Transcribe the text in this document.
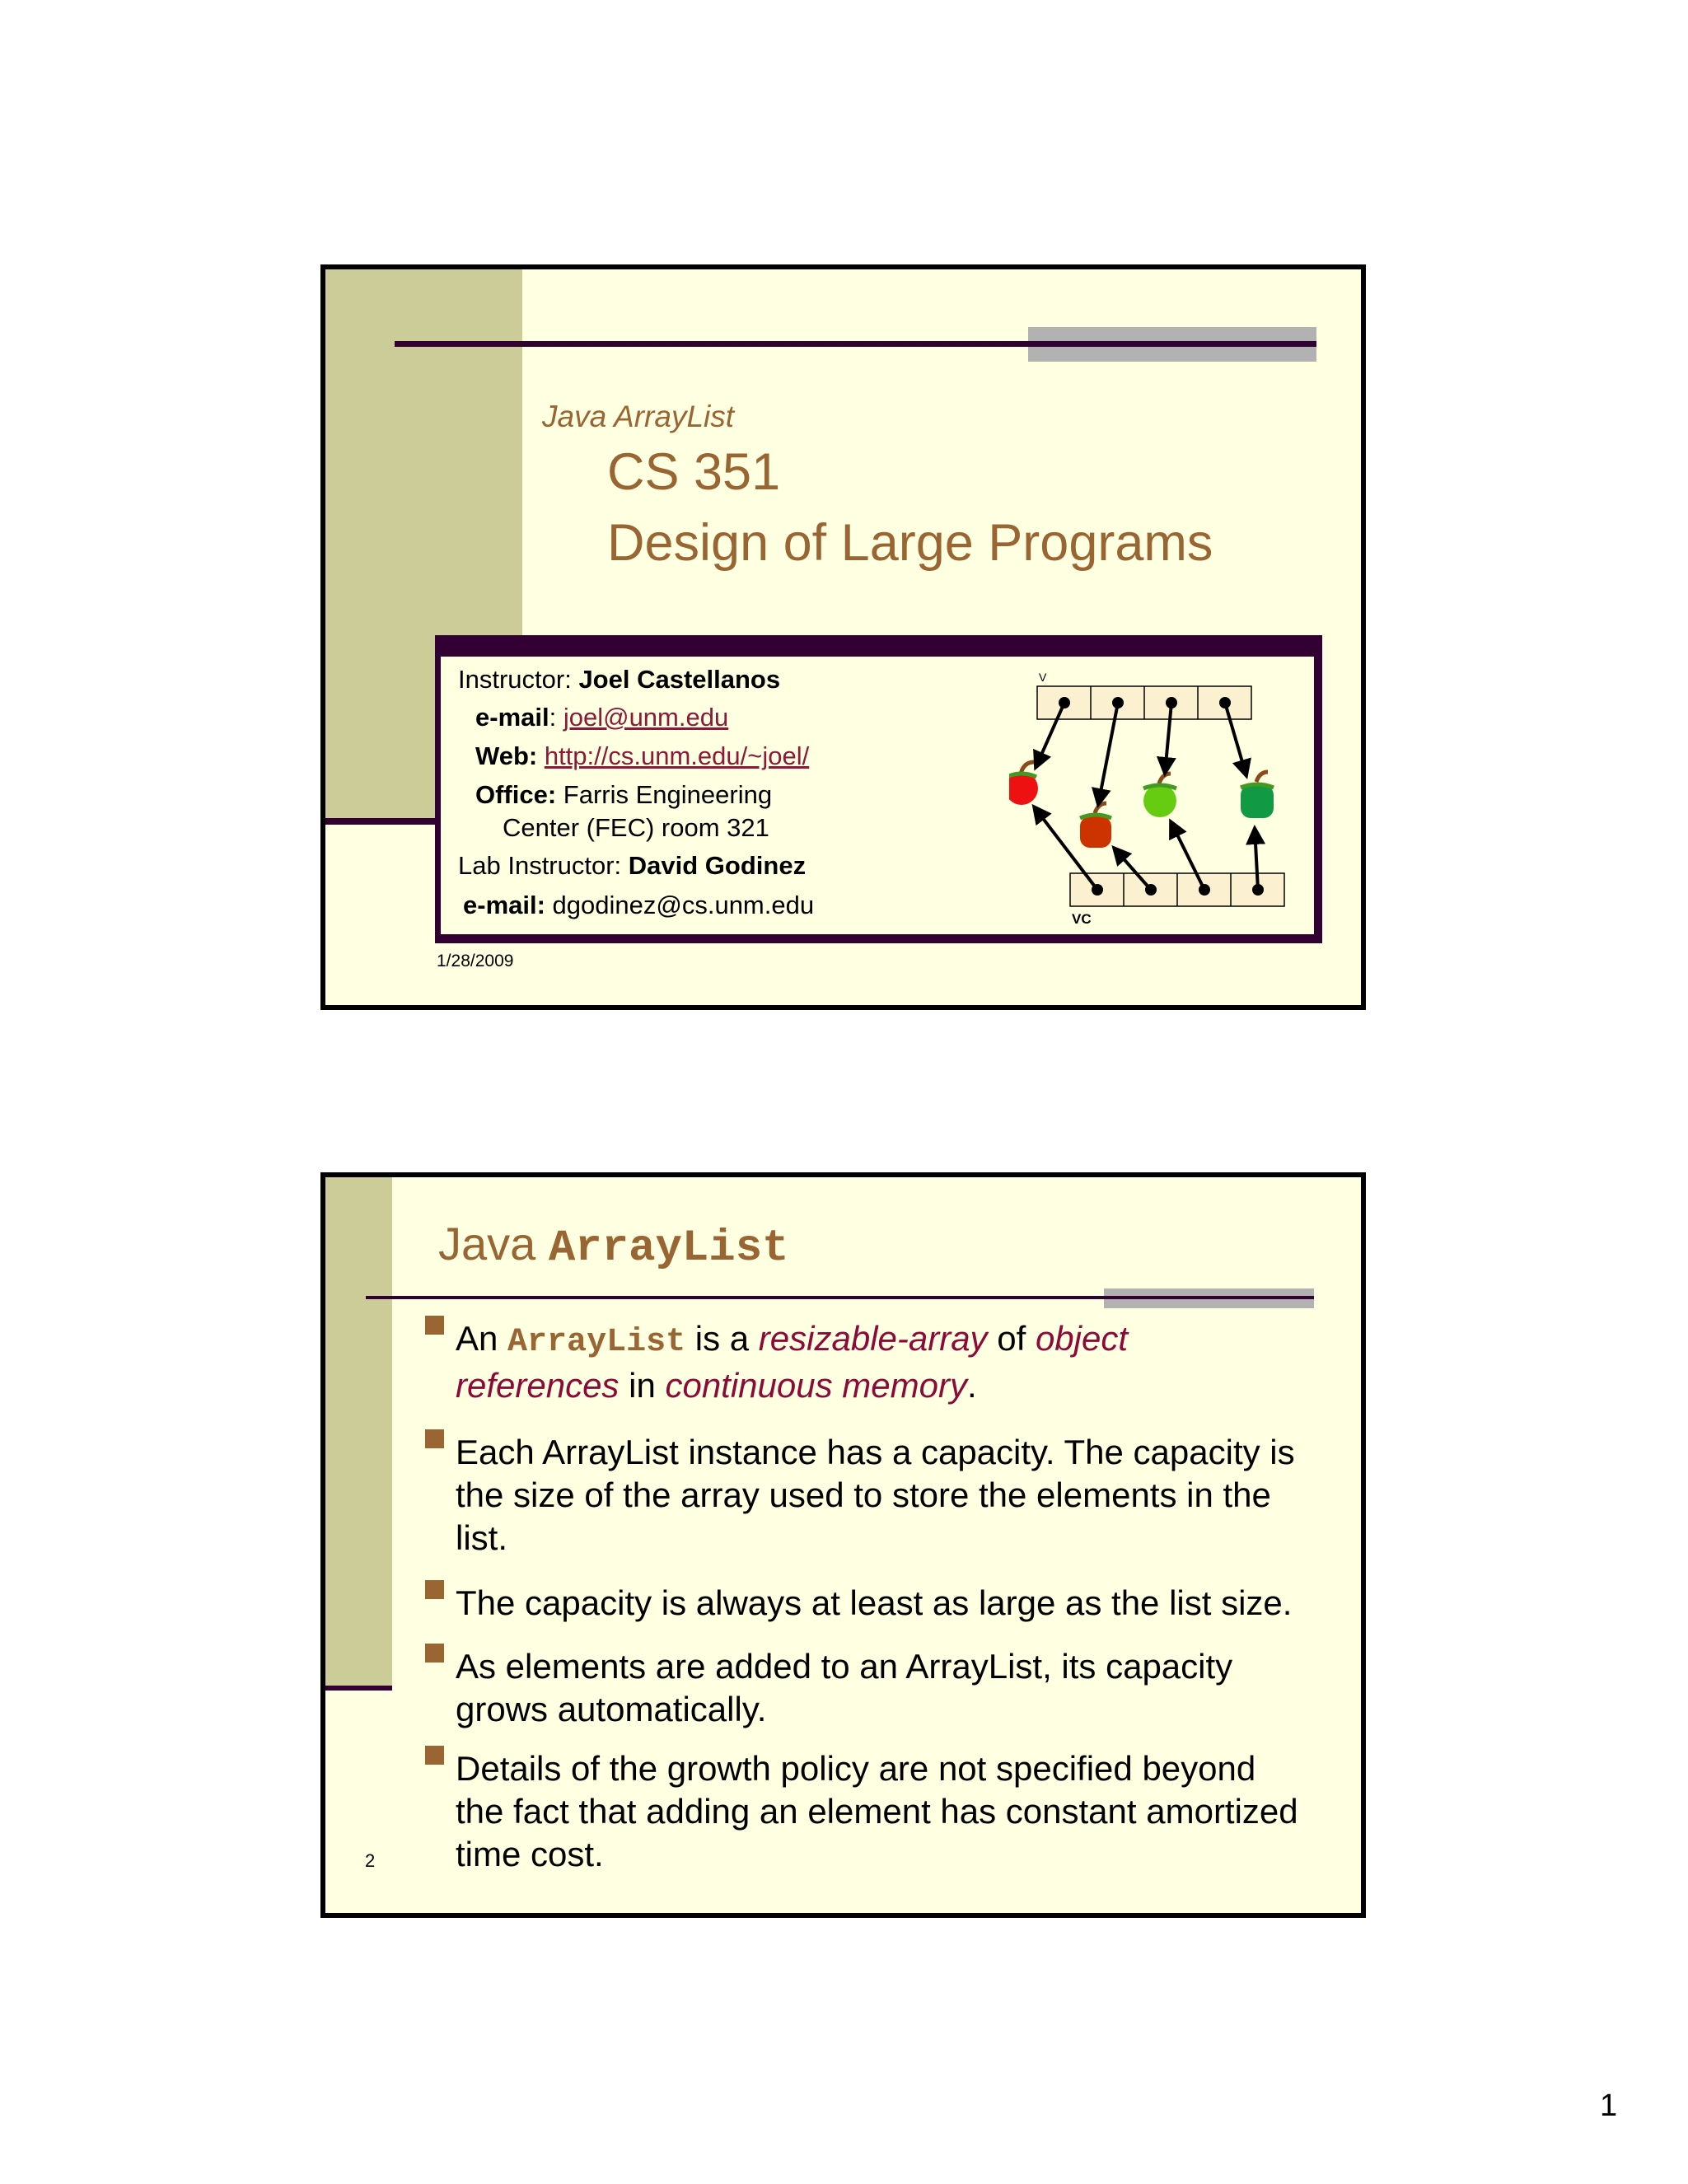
Java ArrayList
CS 351
Design of Large Programs
Instructor: Joel Castellanos
e-mail: joel@unm.edu
Web: http://cs.unm.edu/~joel/
Office: Farris Engineering
Center (FEC) room 321
Lab Instructor: David Godinez
e-mail: dgodinez@cs.unm.edu
V
VC
1/28/2009
Java ArrayList
An ArrayList is a resizable-array of object
references in continuous memory.
Each ArrayList instance has a capacity. The capacity is
the size of the array used to store the elements in the
list.
The capacity is always at least as large as the list size.
As elements are added to an ArrayList, its capacity
grows automatically.
Details of the growth policy are not specified beyond
the fact that adding an element has constant amortized
time cost.
2
1
